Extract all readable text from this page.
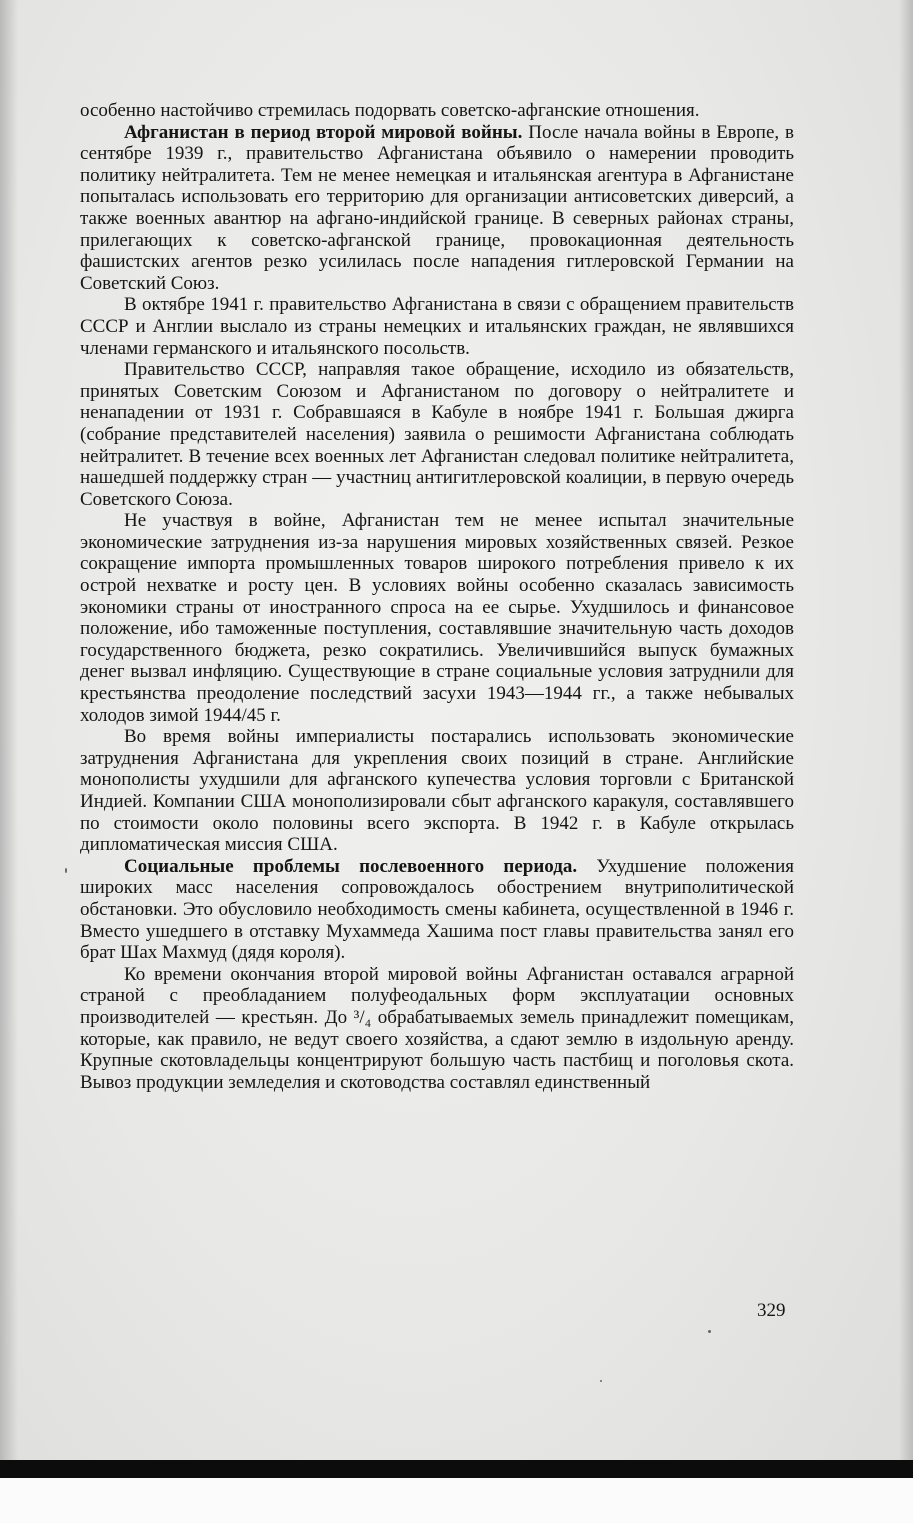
особенно настойчиво стремилась подорвать советско-афганские отношения.

Афганистан в период второй мировой войны. После начала войны в Европе, в сентябре 1939 г., правительство Афганистана объявило о намерении проводить политику нейтралитета. Тем не менее немецкая и итальянская агентура в Афганистане попыталась использовать его территорию для организации антисоветских диверсий, а также военных авантюр на афгано-индийской границе. В северных районах страны, прилегающих к советско-афганской границе, провокационная деятельность фашистских агентов резко усилилась после нападения гитлеровской Германии на Советский Союз.

В октябре 1941 г. правительство Афганистана в связи с обращением правительств СССР и Англии выслало из страны немецких и итальянских граждан, не являвшихся членами германского и итальянского посольств.

Правительство СССР, направляя такое обращение, исходило из обязательств, принятых Советским Союзом и Афганистаном по договору о нейтралитете и ненападении от 1931 г. Собравшаяся в Кабуле в ноябре 1941 г. Большая джирга (собрание представителей населения) заявила о решимости Афганистана соблюдать нейтралитет. В течение всех военных лет Афганистан следовал политике нейтралитета, нашедшей поддержку стран — участниц антигитлеровской коалиции, в первую очередь Советского Союза.

Не участвуя в войне, Афганистан тем не менее испытал значительные экономические затруднения из-за нарушения мировых хозяйственных связей. Резкое сокращение импорта промышленных товаров широкого потребления привело к их острой нехватке и росту цен. В условиях войны особенно сказалась зависимость экономики страны от иностранного спроса на ее сырье. Ухудшилось и финансовое положение, ибо таможенные поступления, составлявшие значительную часть доходов государственного бюджета, резко сократились. Увеличившийся выпуск бумажных денег вызвал инфляцию. Существующие в стране социальные условия затруднили для крестьянства преодоление последствий засухи 1943—1944 гг., а также небывалых холодов зимой 1944/45 г.

Во время войны империалисты постарались использовать экономические затруднения Афганистана для укрепления своих позиций в стране. Английские монополисты ухудшили для афганского купечества условия торговли с Британской Индией. Компании США монополизировали сбыт афганского каракуля, составлявшего по стоимости около половины всего экспорта. В 1942 г. в Кабуле открылась дипломатическая миссия США.

Социальные проблемы послевоенного периода. Ухудшение положения широких масс населения сопровождалось обострением внутриполитической обстановки. Это обусловило необходимость смены кабинета, осуществленной в 1946 г. Вместо ушедшего в отставку Мухаммеда Хашима пост главы правительства занял его брат Шах Махмуд (дядя короля).

Ко времени окончания второй мировой войны Афганистан оставался аграрной страной с преобладанием полуфеодальных форм эксплуатации основных производителей — крестьян. До ³/₄ обрабатываемых земель принадлежит помещикам, которые, как правило, не ведут своего хозяйства, а сдают землю в издольную аренду. Крупные скотовладельцы концентрируют большую часть пастбищ и поголовья скота. Вывоз продукции земледелия и скотоводства составлял единственный

329
